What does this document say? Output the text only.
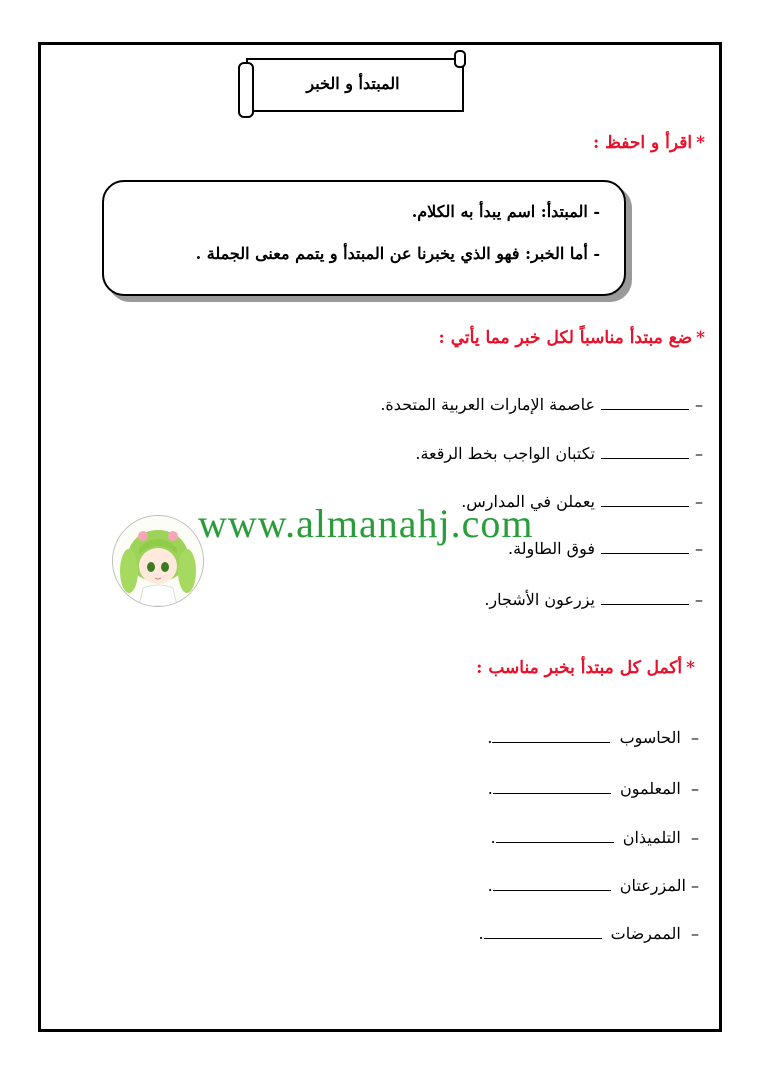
المبتدأ و الخبر
*اقرأ و احفظ :
- المبتدأ: اسم يبدأ به الكلام.
- أما الخبر: فهو الذي يخبرنا عن المبتدأ و يتمم معنى الجملة .
*ضع مبتدأ مناسباً لكل خبر مما يأتي :
–عاصمة الإمارات العربية المتحدة.
–تكتبان الواجب بخط الرقعة.
–يعملن في المدارس.
–فوق الطاولة.
–يزرعون الأشجار.
www.almanahj.com
*أكمل كل مبتدأ بخبر مناسب :
–  الحاسوب .
–  المعلمون .
–  التلميذان .
– المزرعتان .
–  الممرضات .
